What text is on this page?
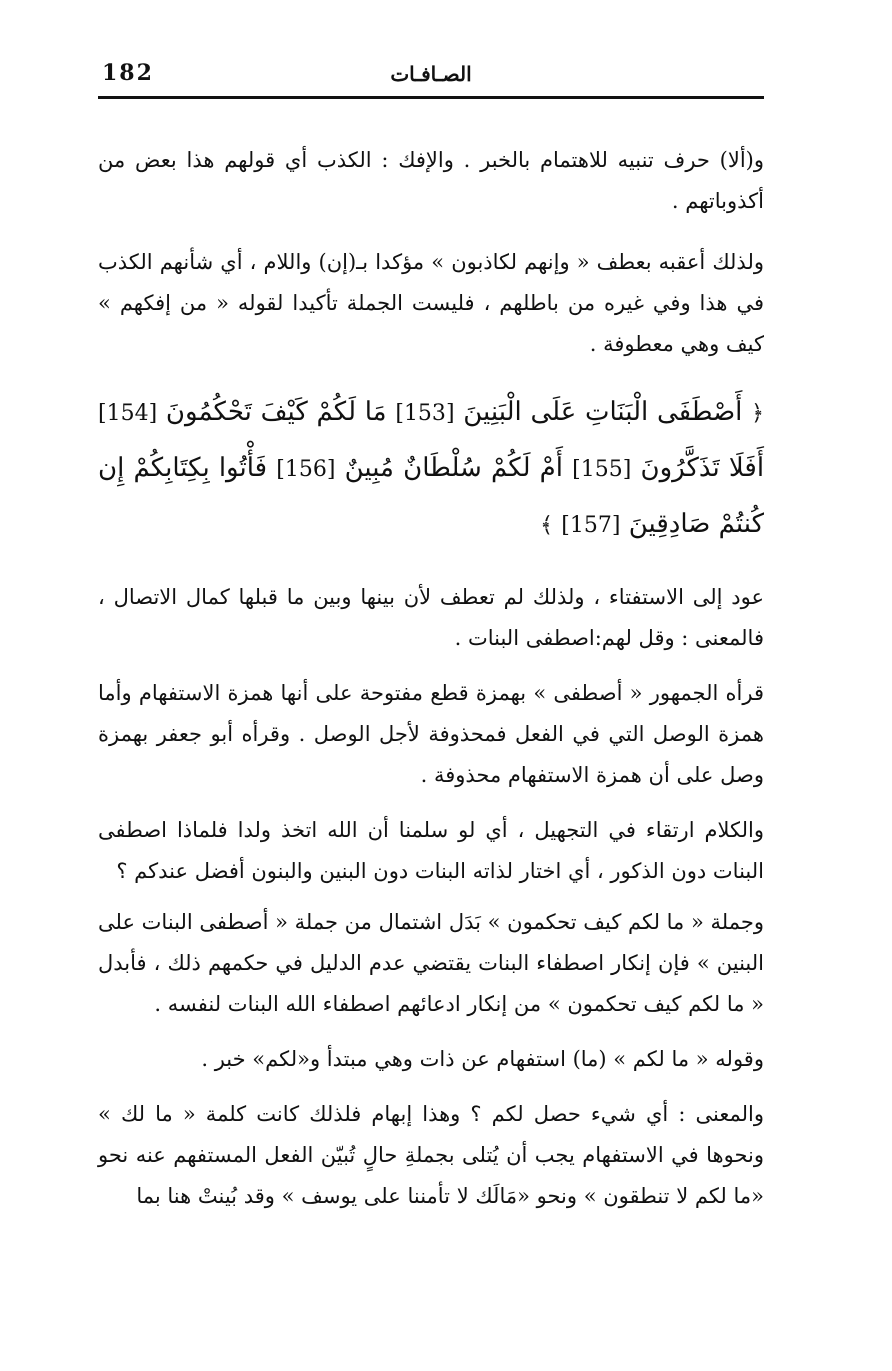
182	الصـافـات

و(ألا) حرف تنبيه للاهتمام بالخبر . والإفك : الكذب أي قولهم هذا بعض من أكذوباتهم .

ولذلك أعقبه بعطف « وإنهم لكاذبون » مؤكدا بـ(إن) واللام ، أي شأنهم الكذب في هذا وفي غيره من باطلهم ، فليست الجملة تأكيدا لقوله « من إفكهم » كيف وهي معطوفة .

﴿ أَصْطَفَى الْبَنَاتِ عَلَى الْبَنِينَ [153] مَا لَكُمْ كَيْفَ تَحْكُمُونَ [154] أَفَلَا تَذَكَّرُونَ [155] أَمْ لَكُمْ سُلْطَانٌ مُبِينٌ [156] فَأْتُوا بِكِتَابِكُمْ إِن كُنتُمْ صَادِقِينَ [157] ﴾

عود إلى الاستفتاء ، ولذلك لم تعطف لأن بينها وبين ما قبلها كمال الاتصال ، فالمعنى : وقل لهم:اصطفى البنات .

قرأه الجمهور « أصطفى » بهمزة قطع مفتوحة على أنها همزة الاستفهام وأما همزة الوصل التي في الفعل فمحذوفة لأجل الوصل . وقرأه أبو جعفر بهمزة وصل على أن همزة الاستفهام محذوفة .

والكلام ارتقاء في التجهيل ، أي لو سلمنا أن الله اتخذ ولدا فلماذا اصطفى البنات دون الذكور ، أي اختار لذاته البنات دون البنين والبنون أفضل عندكم ؟

وجملة « ما لكم كيف تحكمون » بَدَل اشتمال من جملة « أصطفى البنات على البنين » فإن إنكار اصطفاء البنات يقتضي عدم الدليل في حكمهم ذلك ، فأبدل « ما لكم كيف تحكمون » من إنكار ادعائهم اصطفاء الله البنات لنفسه .

وقوله « ما لكم » (ما) استفهام عن ذات وهي مبتدأ و«لكم» خبر .

والمعنى : أي شيء حصل لكم ؟ وهذا إبهام فلذلك كانت كلمة « ما لك » ونحوها في الاستفهام يجب أن يُتلى بجملةِ حالٍ تُبيّن الفعل المستفهم عنه نحو «ما لكم لا تنطقون » ونحو «مَالَك لا تأمننا على يوسف » وقد بُينتْ هنا بما
